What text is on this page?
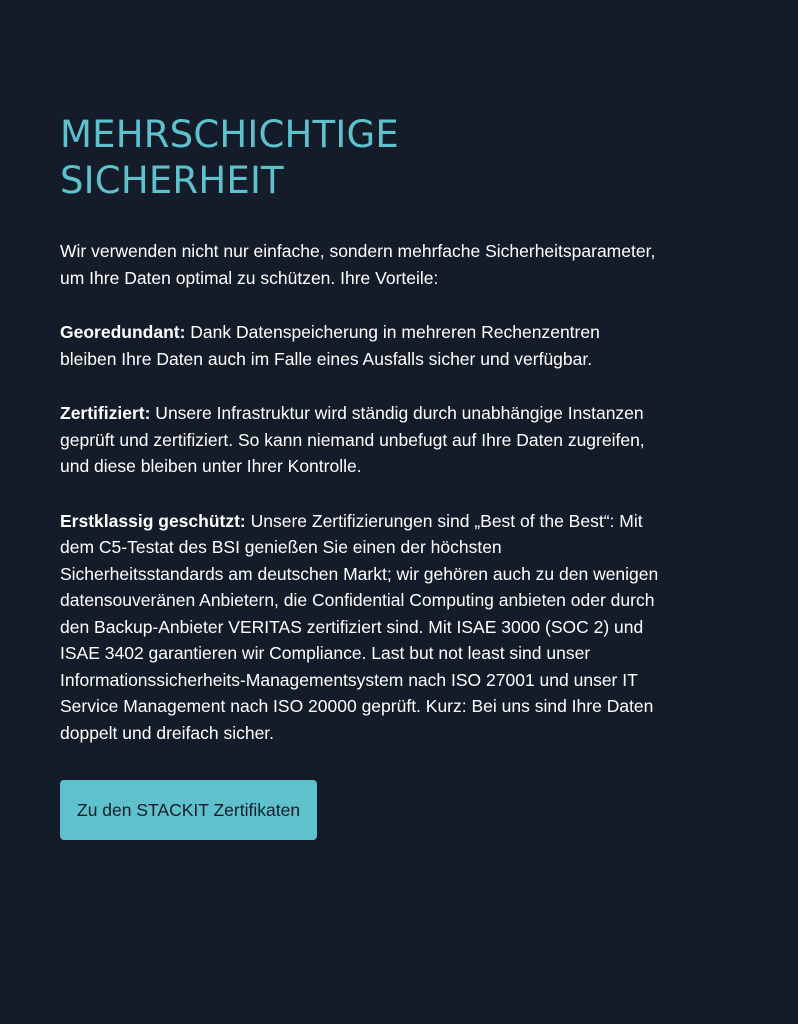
MEHRSCHICHTIGE SICHERHEIT

Wir verwenden nicht nur einfache, sondern mehrfache Sicherheitsparameter, um Ihre Daten optimal zu schützen. Ihre Vorteile:

Georedundant: Dank Datenspeicherung in mehreren Rechenzentren bleiben Ihre Daten auch im Falle eines Ausfalls sicher und verfügbar.

Zertifiziert: Unsere Infrastruktur wird ständig durch unabhängige Instanzen geprüft und zertifiziert. So kann niemand unbefugt auf Ihre Daten zugreifen, und diese bleiben unter Ihrer Kontrolle.

Erstklassig geschützt: Unsere Zertifizierungen sind „Best of the Best“: Mit dem C5-Testat des BSI genießen Sie einen der höchsten Sicherheitsstandards am deutschen Markt; wir gehören auch zu den wenigen datensouveränen Anbietern, die Confidential Computing anbieten oder durch den Backup-Anbieter VERITAS zertifiziert sind. Mit ISAE 3000 (SOC 2) und ISAE 3402 garantieren wir Compliance. Last but not least sind unser Informationssicherheits-Managementsystem nach ISO 27001 und unser IT Service Management nach ISO 20000 geprüft. Kurz: Bei uns sind Ihre Daten doppelt und dreifach sicher.

Zu den STACKIT Zertifikaten
